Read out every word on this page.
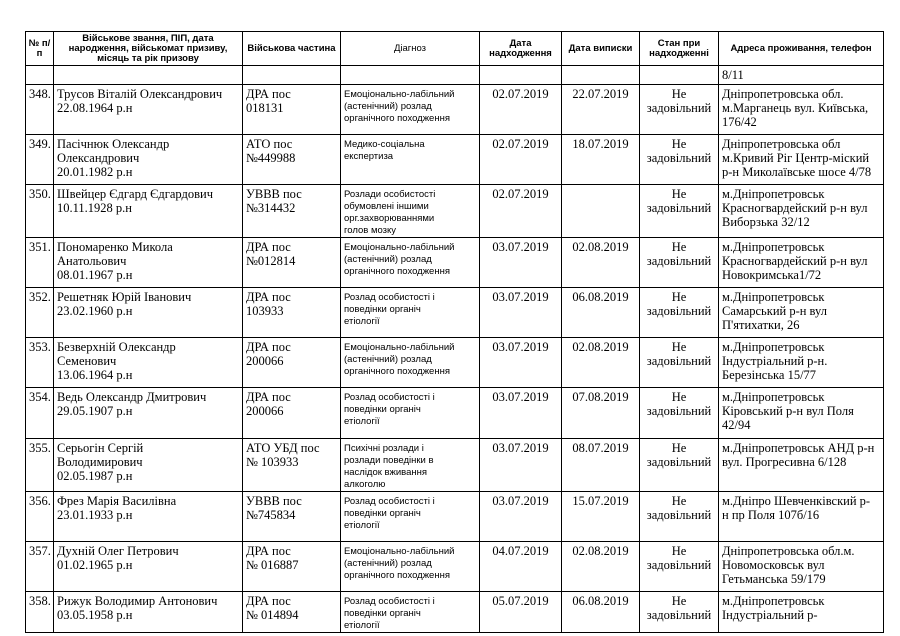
№ п/п	Військове звання, ПІП, дата народження, військомат призиву, місяць та рік призову	Військова частина	Діагноз	Дата надходження	Дата виписки	Стан при надходженні	Адреса проживання, телефон

							8/11

348.	Трусов Віталій Олександрович
22.08.1964 р.н	ДРА пос
018131	Емоціонально-лабільний
(астенічний) розлад
органічного походження	02.07.2019	22.07.2019	Не
задовільний	Дніпропетровська обл.
м.Марганець вул. Київська,
176/42

349.	Пасічнюк Олександр
Олександрович
20.01.1982 р.н	АТО пос
№449988	Медико-соціальна
експертиза	02.07.2019	18.07.2019	Не
задовільний	Дніпропетровська обл
м.Кривий Ріг Центр-міский
р-н Миколаївське шосе 4/78

350.	Швейцер Єдгард Єдгардович
10.11.1928 р.н	УВВВ пос
№314432	Розлади особистості
обумовлені іншими
орг.захворюваннями
голов мозку	02.07.2019		Не
задовільний	м.Дніпропетровськ
Красногвардейский р-н вул
Виборзька 32/12

351.	Пономаренко Микола
Анатольович
08.01.1967 р.н	ДРА пос
№012814	Емоціонально-лабільний
(астенічний) розлад
органічного походження	03.07.2019	02.08.2019	Не
задовільний	м.Дніпропетровськ
Красногвардейский р-н вул
Новокримська1/72

352.	Решетняк Юрій Іванович
23.02.1960 р.н	ДРА пос
103933	Розлад особистості і
поведінки органіч
етіології	03.07.2019	06.08.2019	Не
задовільний	м.Дніпропетровськ
Самарський р-н вул
П'ятихатки, 26

353.	Безверхній Олександр
Семенович
13.06.1964 р.н	ДРА пос
200066	Емоціонально-лабільний
(астенічний) розлад
органічного походження	03.07.2019	02.08.2019	Не
задовільний	м.Дніпропетровськ
Індустріальний р-н.
Березінська 15/77

354.	Ведь Олександр Дмитрович
29.05.1907 р.н	ДРА пос
200066	Розлад особистості і
поведінки органіч
етіології	03.07.2019	07.08.2019	Не
задовільний	м.Дніпропетровськ
Кіровський р-н вул Поля
42/94

355.	Серьогін Сергій
Володимирович
02.05.1987 р.н	АТО УБД пос
№ 103933	Психічні розлади і
розлади поведінки в
наслідок вживання
алкоголю	03.07.2019	08.07.2019	Не
задовільний	м.Дніпропетровськ АНД р-н
вул. Прогресивна 6/128

356.	Фрез Марія Василівна
23.01.1933 р.н	УВВВ пос
№745834	Розлад особистості і
поведінки органіч
етіології	03.07.2019	15.07.2019	Не
задовільний	м.Дніпро Шевченківский р-
н пр Поля 107б/16

357.	Духній Олег Петрович
01.02.1965 р.н	ДРА пос
№ 016887	Емоціонально-лабільний
(астенічний) розлад
органічного походження	04.07.2019	02.08.2019	Не
задовільний	Дніпропетровська обл.м.
Новомосковськ вул
Гетьманська 59/179

358.	Рижук Володимир Антонович
03.05.1958 р.н	ДРА пос
№ 014894	Розлад особистості і
поведінки органіч
етіології	05.07.2019	06.08.2019	Не
задовільний	м.Дніпропетровськ
Індустріальний р-
